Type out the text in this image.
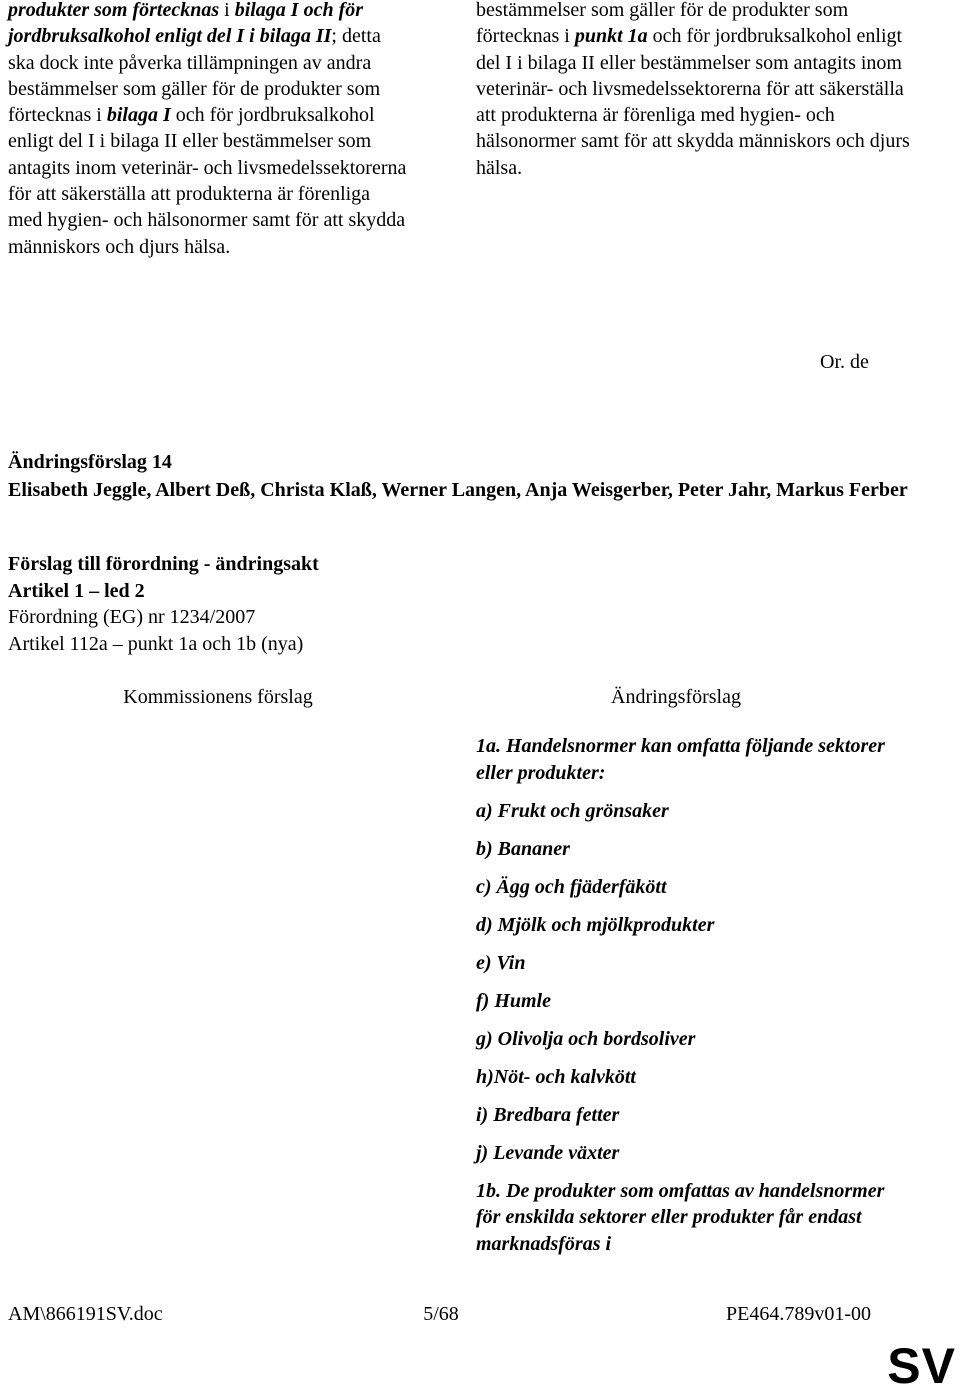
produkter som förtecknas i bilaga I och för jordbruksalkohol enligt del I i bilaga II; detta ska dock inte påverka tillämpningen av andra bestämmelser som gäller för de produkter som förtecknas i bilaga I och för jordbruksalkohol enligt del I i bilaga II eller bestämmelser som antagits inom veterinär- och livsmedelssektorerna för att säkerställa att produkterna är förenliga med hygien- och hälsonormer samt för att skydda människors och djurs hälsa.
bestämmelser som gäller för de produkter som förtecknas i punkt 1a och för jordbruksalkohol enligt del I i bilaga II eller bestämmelser som antagits inom veterinär- och livsmedelssektorerna för att säkerställa att produkterna är förenliga med hygien- och hälsonormer samt för att skydda människors och djurs hälsa.
Or. de

Ändringsförslag 14

Elisabeth Jeggle, Albert Deß, Christa Klaß, Werner Langen, Anja Weisgerber, Peter Jahr, Markus Ferber

Förslag till förordning - ändringsakt

Artikel 1 – led 2

Förordning (EG) nr 1234/2007

Artikel 112a – punkt 1a och 1b (nya)

Kommissionens förslag	Ändringsförslag

1a. Handelsnormer kan omfatta följande sektorer eller produkter:

a) Frukt och grönsaker

b) Bananer

c) Ägg och fjäderfäkött

d) Mjölk och mjölkprodukter

e) Vin

f) Humle

g) Olivolja och bordsoliver

h)Nöt- och kalvkött

i) Bredbara fetter

j) Levande växter

1b. De produkter som omfattas av handelsnormer för enskilda sektorer eller produkter får endast marknadsföras i

AM\866191SV.doc	5/68	PE464.789v01-00
SV
